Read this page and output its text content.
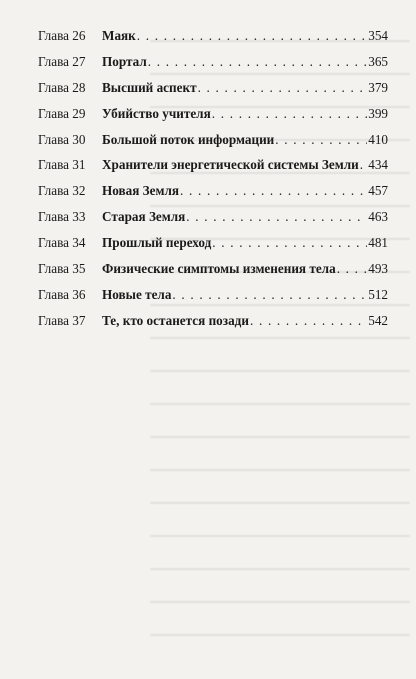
Глава 26	Маяк . . .	354
Глава 27	Портал . . .	365
Глава 28	Высший аспект . . .	379
Глава 29	Убийство учителя . . .	399
Глава 30	Большой поток информации . . .	410
Глава 31	Хранители энергетической системы Земли . . . 434
Глава 32	Новая Земля . . .	457
Глава 33	Старая Земля . . .	463
Глава 34	Прошлый переход . . .	481
Глава 35	Физические симптомы изменения тела . . . 493
Глава 36	Новые тела . . .	512
Глава 37	Те, кто останется позади . . .	542
